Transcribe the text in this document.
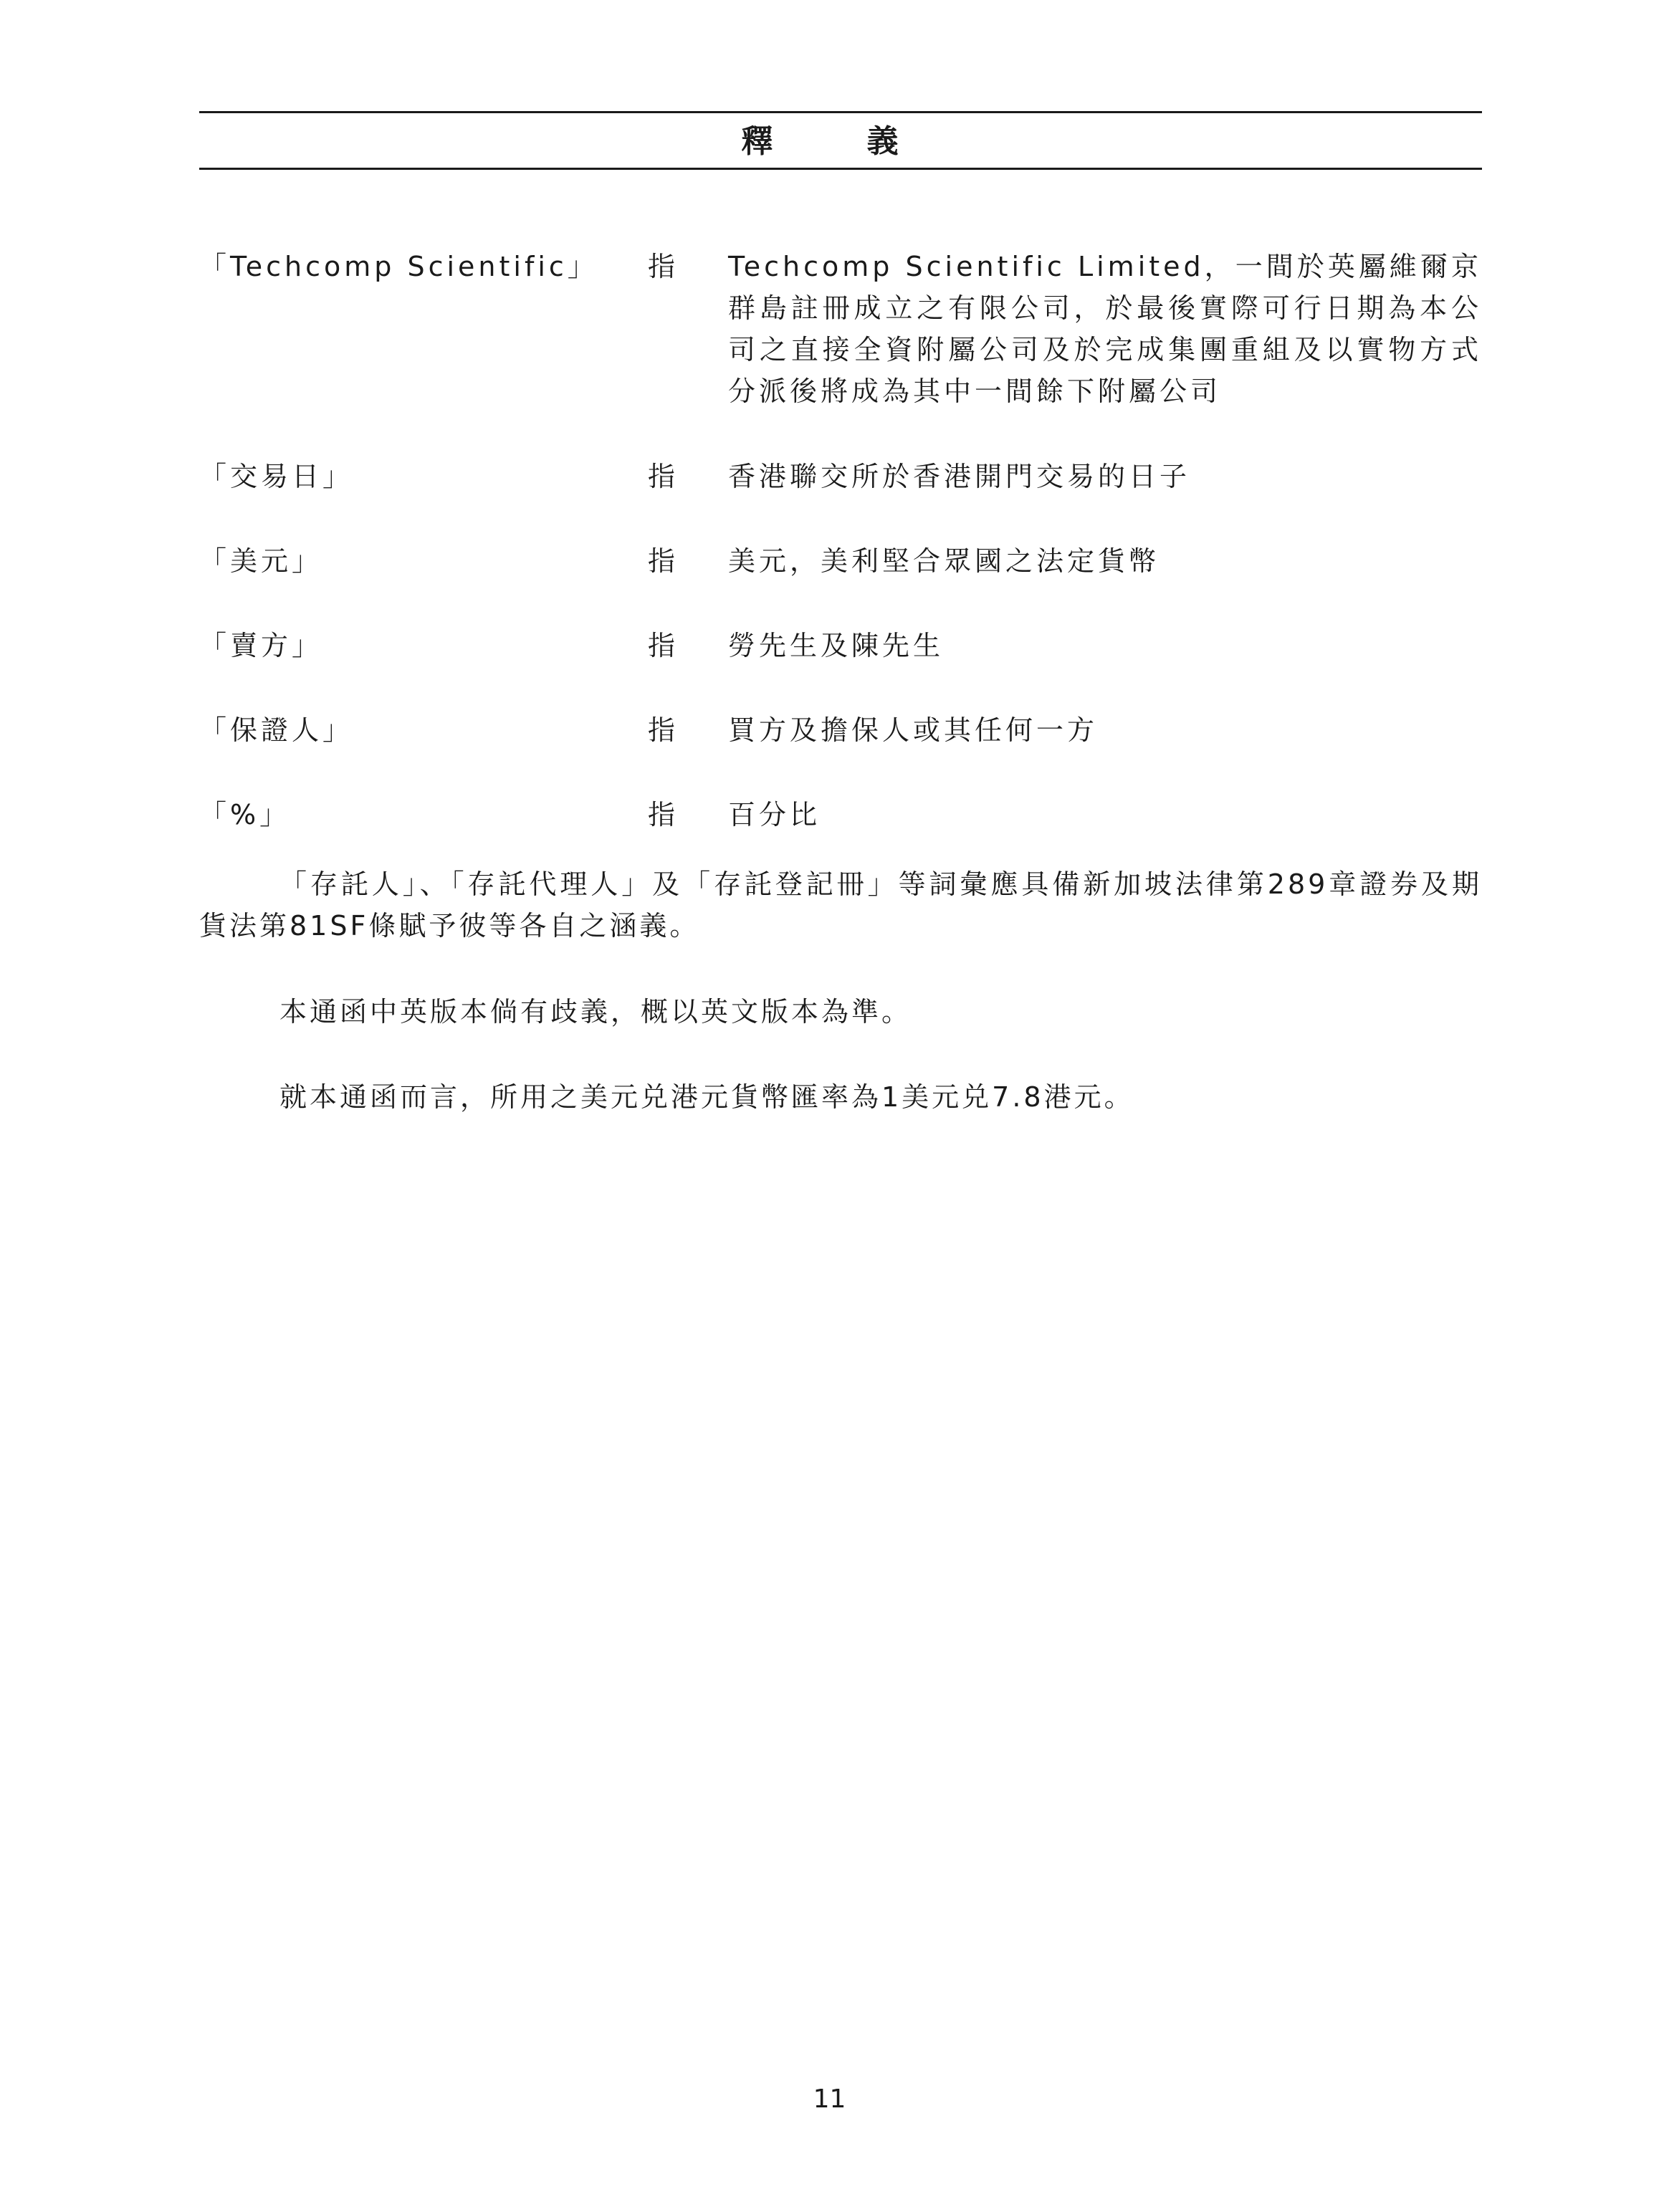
釋 義
「Techcomp Scientific」 指 Techcomp Scientific Limited，一間於英屬維爾京群島註冊成立之有限公司，於最後實際可行日期為本公司之直接全資附屬公司及於完成集團重組及以實物方式分派後將成為其中一間餘下附屬公司
「交易日」	指 香港聯交所於香港開門交易的日子
「美元」	指 美元，美利堅合眾國之法定貨幣
「賣方」	指 勞先生及陳先生
「保證人」	指 買方及擔保人或其任何一方
「%」	指 百分比
「存託人」、「存託代理人」及「存託登記冊」等詞彙應具備新加坡法律第289章證券及期貨法第81SF條賦予彼等各自之涵義。
本通函中英版本倘有歧義，概以英文版本為準。
就本通函而言，所用之美元兑港元貨幣匯率為1美元兑7.8港元。
11
